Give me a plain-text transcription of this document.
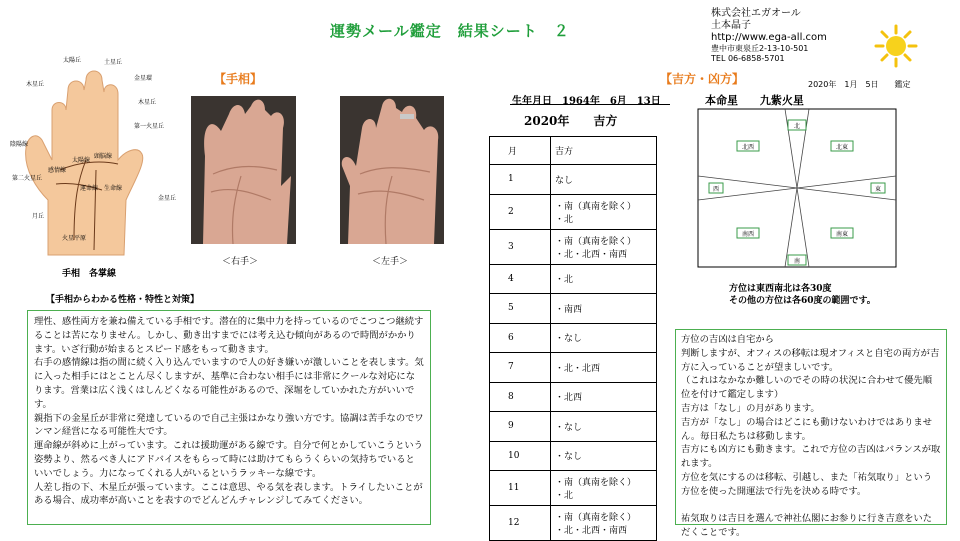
運勢メール鑑定　結果シート　２
株式会社エガオール
土本晶子
http://www.ega-all.com
豊中市東泉丘2-13-10-501
TEL 06-6858-5701
【手相】
太陽丘	土星丘
木星丘
金星環
木星丘
第一火星丘
陰陽線
第二火星丘
月丘
感情線
太陽線
運命線
頭脳線
生命線
金星丘
火星平原
手相　各掌線
＜右手＞	＜左手＞
【吉方・凶方】	2020年　1月　5日　　鑑定
生年月日　1964年　6月　13日	本命星 九紫火星
2020年　　吉方
月	吉方
1	なし

2	・南（真南を除く）
・北

3	・南（真南を除く）
・北・北西・南西

4	・北

5	・南西

6	・なし

7	・北・北西

8	・北西

9	・なし

10	・なし

11	・南（真南を除く）
・北

12	・南（真南を除く）
・北・北西・南西
北
北東
東
南東
南
南西
西
北西
方位は東西南北は各30度
その他の方位は各60度の範囲です。
【手相からわかる性格・特性と対策】

理性、感性両方を兼ね備えている手相です。潜在的に集中力を持っているのでこつこつ継続することは苦になりません。しかし、動き出すまでには考え込む傾向があるので時間がかかります。いざ行動が始まるとスピード感をもって動きます。

右手の感情線は指の間に続く入り込んでいますので人の好き嫌いが激しいことを表します。気に入った相手にはとことん尽くしますが、基準に合わない相手には非常にクールな対応になります。営業は広く浅くはしんどくなる可能性があるので、深堀をしていかれた方がいいです。

親指下の金星丘が非常に発達しているので自己主張はかなり強い方です。協調は苦手なのでワンマン経営になる可能性大です。

運命線が斜めに上がっています。これは援助運がある線です。自分で何とかしていこうという姿勢より、然るべき人にアドバイスをもらって時には助けてもらうくらいの気持ちでいるといいでしょう。力になってくれる人がいるというラッキーな線です。

人差し指の下、木星丘が張っています。ここは意思、やる気を表します。トライしたいことがある場合、成功率が高いことを表すのでどんどんチャレンジしてみてください。

方位の吉凶は自宅から

判断しますが、オフィスの移転は現オフィスと自宅の両方が吉方に入っていることが望ましいです。

（これはなかなか難しいのでその時の状況に合わせて優先順位を付けて鑑定します）

吉方は「なし」の月があります。

吉方が「なし」の場合はどこにも動けないわけではありません。毎日私たちは移動します。

吉方にも凶方にも動きます。これで方位の吉凶はバランスが取れます。

方位を気にするのは移転、引越し、また「祐気取り」という方位を使った開運法で行先を決める時です。

祐気取りは吉日を選んで神社仏閣にお参りに行き吉意をいただくことです。
